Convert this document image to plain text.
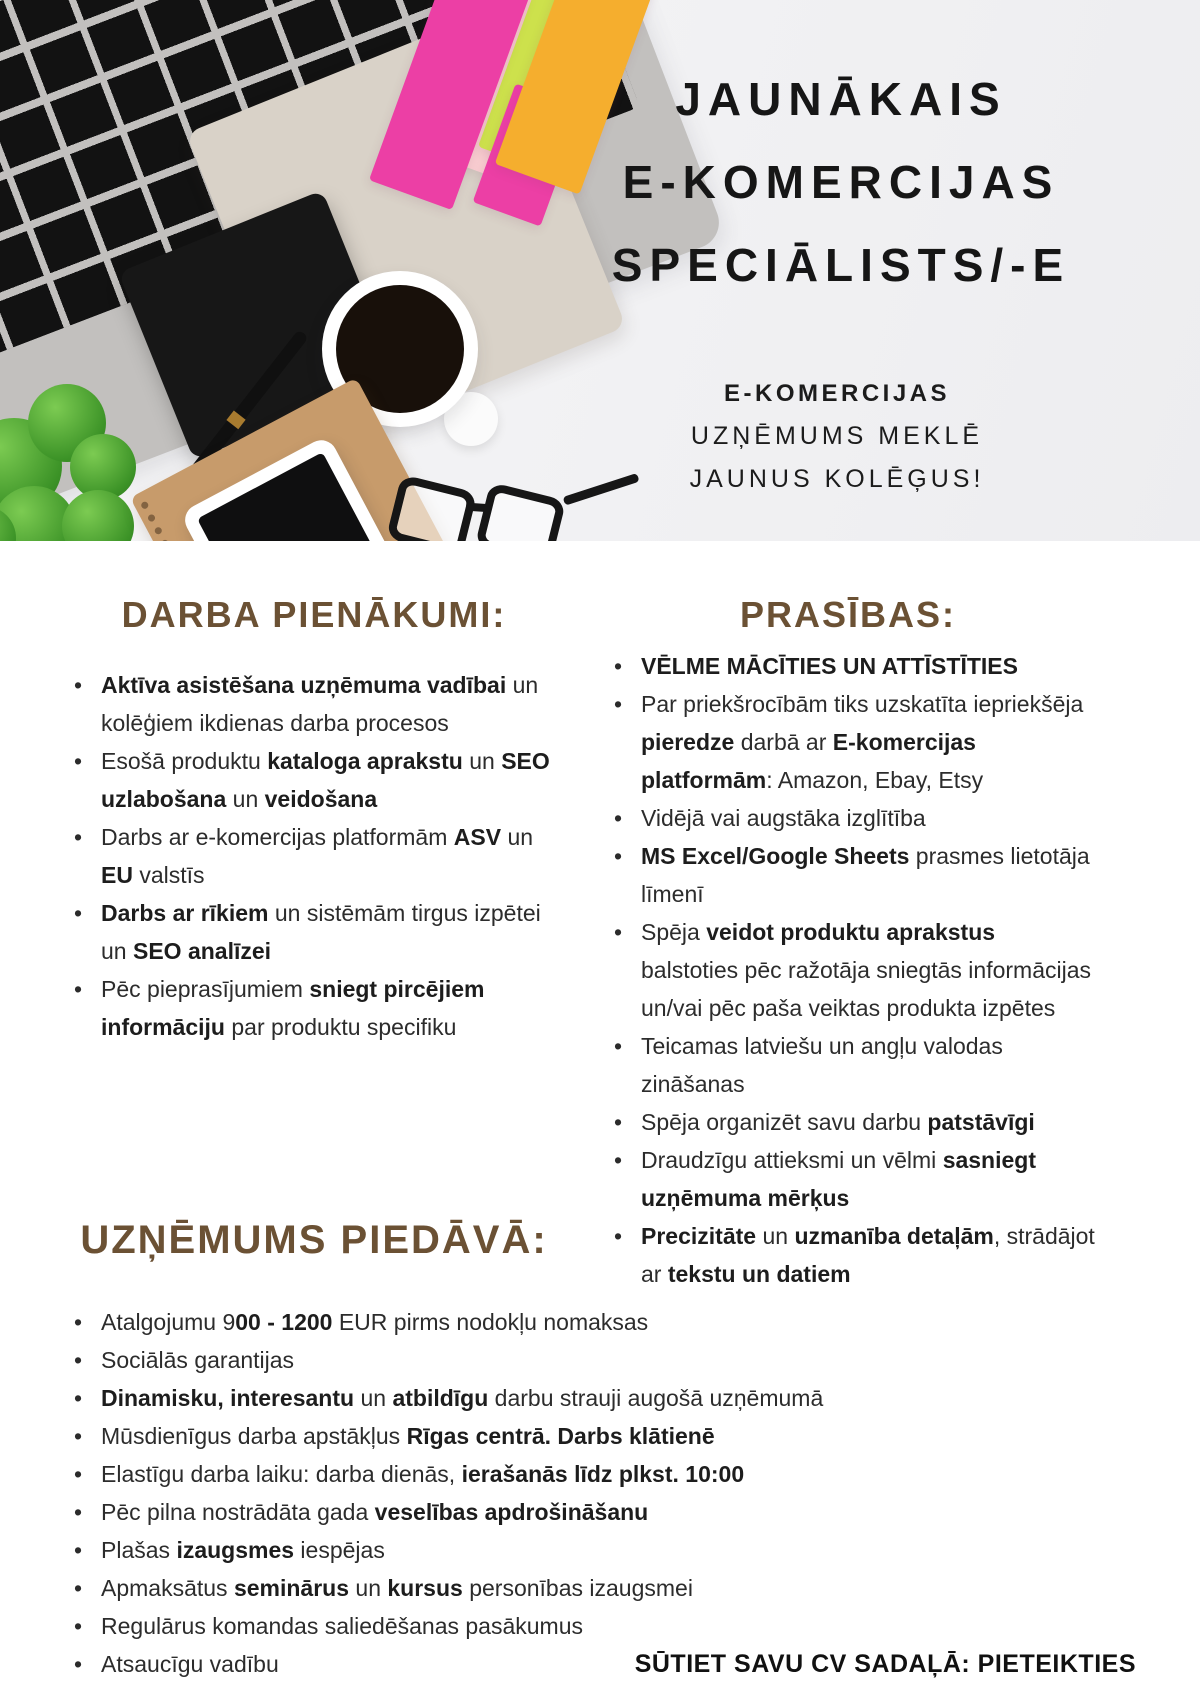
JAUNĀKAIS
E-KOMERCIJAS
SPECIĀLISTS/-E
E-KOMERCIJAS
UZŅĒMUMS MEKLĒ
JAUNUS KOLĒĢUS!
DARBA PIENĀKUMI:
• Aktīva asistēšana uzņēmuma vadībai un kolēģiem ikdienas darba procesos
• Esošā produktu kataloga aprakstu un SEO uzlabošana un veidošana
• Darbs ar e-komercijas platformām ASV un EU valstīs
• Darbs ar rīkiem un sistēmām tirgus izpētei un SEO analīzei
• Pēc pieprasījumiem sniegt pircējiem informāciju par produktu specifiku
PRASĪBAS:
• VĒLME MĀCĪTIES UN ATTĪSTĪTIES
• Par priekšrocībām tiks uzskatīta iepriekšēja pieredze darbā ar E-komercijas platformām: Amazon, Ebay, Etsy
• Vidējā vai augstāka izglītība
• MS Excel/Google Sheets prasmes lietotāja līmenī
• Spēja veidot produktu aprakstus balstoties pēc ražotāja sniegtās informācijas un/vai pēc paša veiktas produkta izpētes
• Teicamas latviešu un angļu valodas zināšanas
• Spēja organizēt savu darbu patstāvīgi
• Draudzīgu attieksmi un vēlmi sasniegt uzņēmuma mērķus
• Precizitāte un uzmanība detaļām, strādājot ar tekstu un datiem
UZŅĒMUMS PIEDĀVĀ:
• Atalgojumu 900 - 1200 EUR pirms nodokļu nomaksas
• Sociālās garantijas
• Dinamisku, interesantu un atbildīgu darbu strauji augošā uzņēmumā
• Mūsdienīgus darba apstākļus Rīgas centrā. Darbs klātienē
• Elastīgu darba laiku: darba dienās, ierašanās līdz plkst. 10:00
• Pēc pilna nostrādāta gada veselības apdrošināšanu
• Plašas izaugsmes iespējas
• Apmaksātus seminārus un kursus personības izaugsmei
• Regulārus komandas saliedēšanas pasākumus
• Atsaucīgu vadību	SŪTIET SAVU CV SADAĻĀ: PIETEIKTIES
